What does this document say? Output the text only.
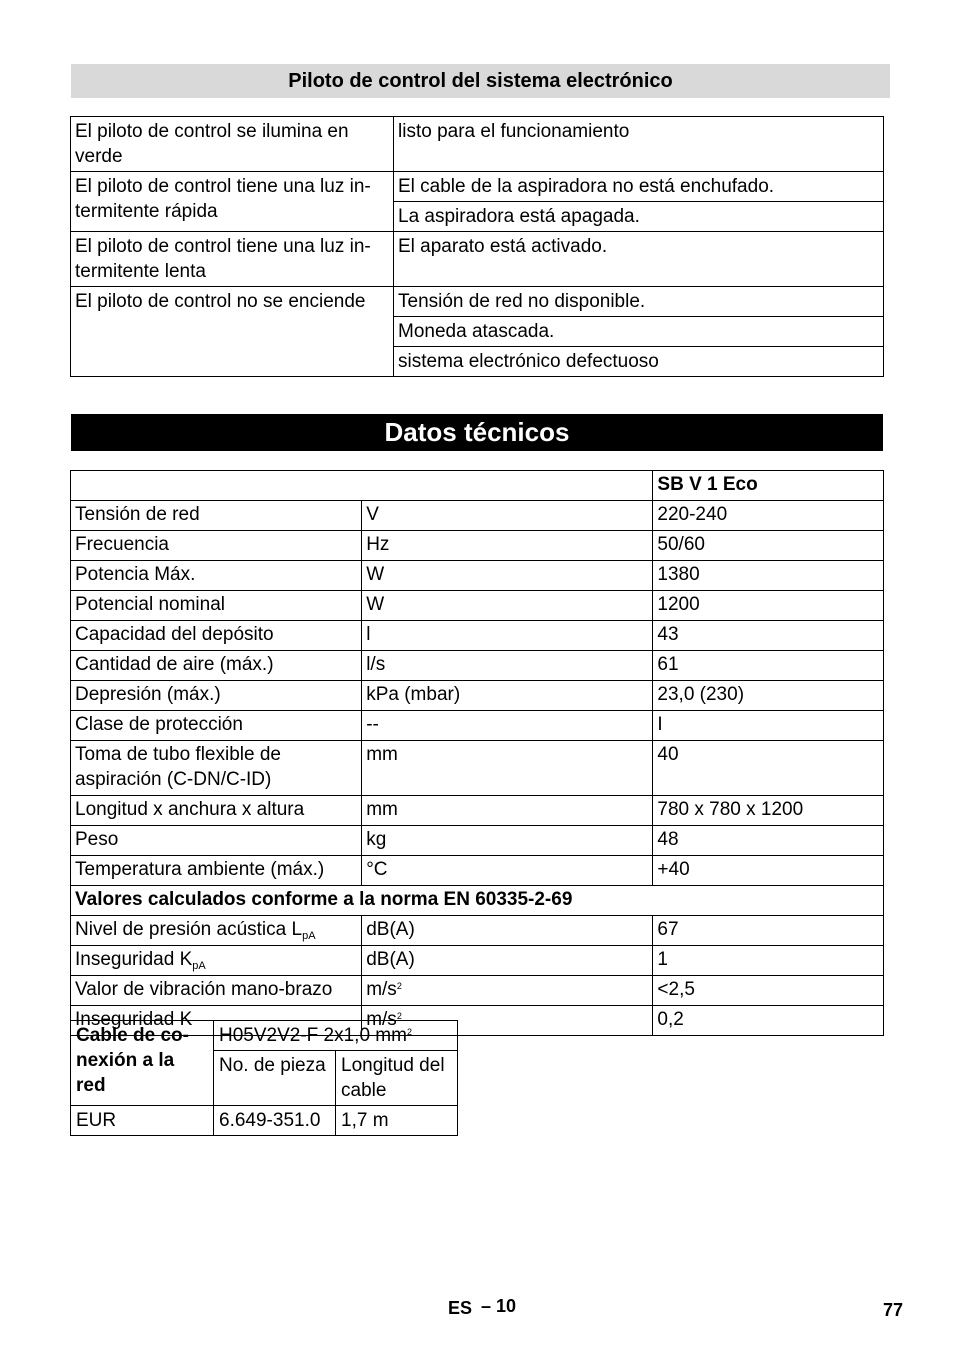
Piloto de control del sistema electrónico
El piloto de control se ilumina en verde	listo para el funcionamiento
El piloto de control tiene una luz in-termitente rápida	El cable de la aspiradora no está enchufado.
	La aspiradora está apagada.
El piloto de control tiene una luz in-termitente lenta	El aparato está activado.
El piloto de control no se enciende	Tensión de red no disponible.
	Moneda atascada.
	sistema electrónico defectuoso
Datos técnicos
		SB V 1 Eco
Tensión de red	V	220-240
Frecuencia	Hz	50/60
Potencia Máx.	W	1380
Potencial nominal	W	1200
Capacidad del depósito	l	43
Cantidad de aire (máx.)	l/s	61
Depresión (máx.)	kPa (mbar)	23,0 (230)
Clase de protección	--	I
Toma de tubo flexible de aspiración (C-DN/C-ID)	mm	40
Longitud x anchura x altura	mm	780 x 780 x 1200
Peso	kg	48
Temperatura ambiente (máx.)	°C	+40
Valores calculados conforme a la norma EN 60335-2-69		
Nivel de presión acústica $L_{pA}$	dB(A)	67
Inseguridad $K_{pA}$	dB(A)	1
Valor de vibración mano-brazo	$m/s^2$	<2,5
Inseguridad K	$m/s^2$	0,2
Cable de co-nexión a la red	H05V2V2-F 2x1,0 $mm^2$
	No. de pieza	Longitud del cable
EUR	6.649-351.0	1,7 m
ES – 10	77
